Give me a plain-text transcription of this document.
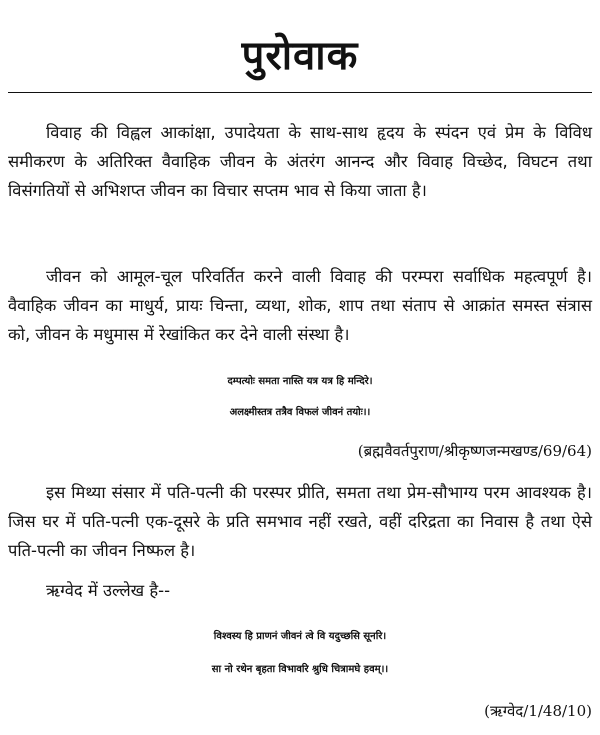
पुरोवाक

विवाह की विह्वल आकांक्षा, उपादेयता के साथ-साथ हृदय के स्पंदन एवं प्रेम के विविध समीकरण के अतिरिक्त वैवाहिक जीवन के अंतरंग आनन्द और विवाह विच्छेद, विघटन तथा विसंगतियों से अभिशप्त जीवन का विचार सप्तम भाव से किया जाता है।

जीवन को आमूल-चूल परिवर्तित करने वाली विवाह की परम्परा सर्वाधिक महत्वपूर्ण है। वैवाहिक जीवन का माधुर्य, प्रायः चिन्ता, व्यथा, शोक, शाप तथा संताप से आक्रांत समस्त संत्रास को, जीवन के मधुमास में रेखांकित कर देने वाली संस्था है।

दम्पत्योः समता नास्ति यत्र यत्र हि मन्दिरे।
अलक्ष्मीस्तत्र तत्रैव विफलं जीवनं तयोः।।
(ब्रह्मवैवर्तपुराण/श्रीकृष्णजन्मखण्ड/69/64)

इस मिथ्या संसार में पति-पत्नी की परस्पर प्रीति, समता तथा प्रेम-सौभाग्य परम आवश्यक है। जिस घर में पति-पत्नी एक-दूसरे के प्रति समभाव नहीं रखते, वहीं दरिद्रता का निवास है तथा ऐसे पति-पत्नी का जीवन निष्फल है।

ऋग्वेद में उल्लेख है--
विश्वस्य हि प्राणनं जीवनं त्वे वि यदुच्छसि सूनरि।
सा नो रथेन बृहता विभावरि श्रुधि चित्रामघे हवम्।।
(ऋग्वेद/1/48/10)
